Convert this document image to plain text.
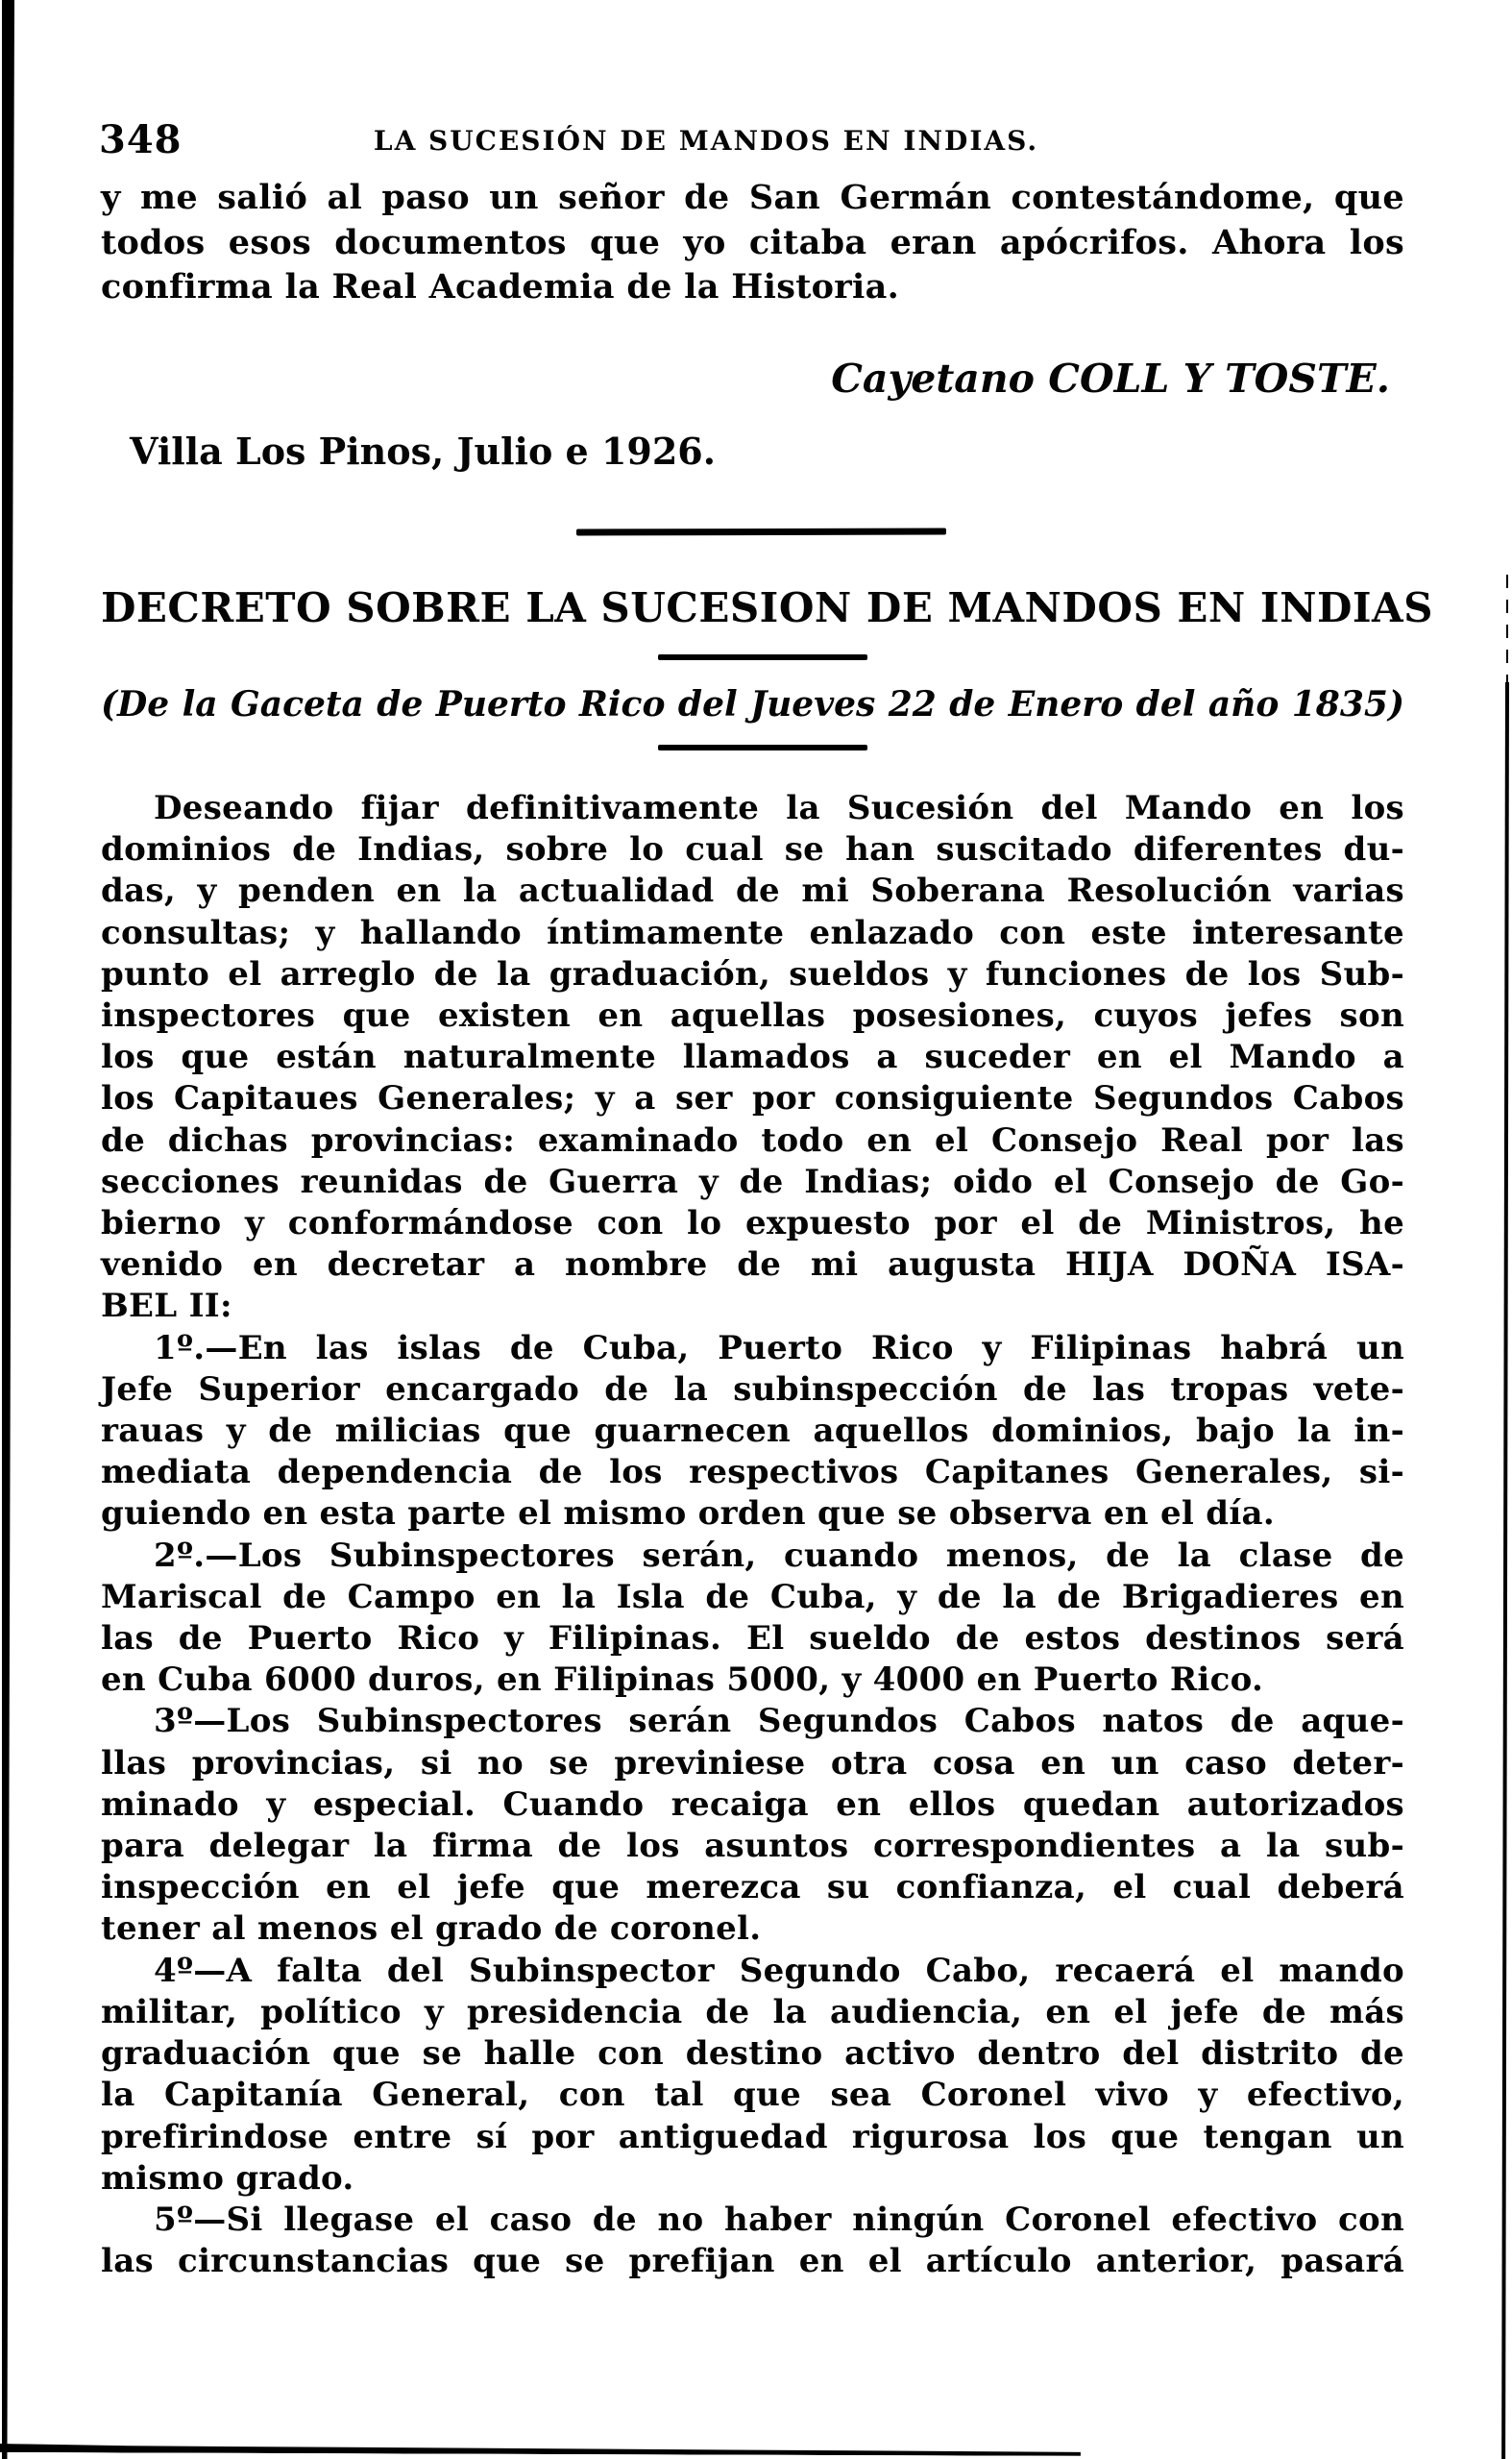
348	LA SUCESIÓN DE MANDOS EN INDIAS.
y me salió al paso un señor de San Germán contestándome, que
todos esos documentos que yo citaba eran apócrifos. Ahora los
confirma la Real Academia de la Historia.
Cayetano COLL Y TOSTE.
Villa Los Pinos, Julio e 1926.
DECRETO SOBRE LA SUCESION DE MANDOS EN INDIAS
(De la Gaceta de Puerto Rico del Jueves 22 de Enero del año 1835)
Deseando fijar definitivamente la Sucesión del Mando en los
dominios de Indias, sobre lo cual se han suscitado diferentes du-
das, y penden en la actualidad de mi Soberana Resolución varias
consultas; y hallando íntimamente enlazado con este interesante
punto el arreglo de la graduación, sueldos y funciones de los Sub-
inspectores que existen en aquellas posesiones, cuyos jefes son
los que están naturalmente llamados a suceder en el Mando a
los Capitaues Generales; y a ser por consiguiente Segundos Cabos
de dichas provincias: examinado todo en el Consejo Real por las
secciones reunidas de Guerra y de Indias; oido el Consejo de Go-
bierno y conformándose con lo expuesto por el de Ministros, he
venido en decretar a nombre de mi augusta HIJA DOÑA ISA-
BEL II:
1º.—En las islas de Cuba, Puerto Rico y Filipinas habrá un
Jefe Superior encargado de la subinspección de las tropas vete-
rauas y de milicias que guarnecen aquellos dominios, bajo la in-
mediata dependencia de los respectivos Capitanes Generales, si-
guiendo en esta parte el mismo orden que se observa en el día.
2º.—Los Subinspectores serán, cuando menos, de la clase de
Mariscal de Campo en la Isla de Cuba, y de la de Brigadieres en
las de Puerto Rico y Filipinas. El sueldo de estos destinos será
en Cuba 6000 duros, en Filipinas 5000, y 4000 en Puerto Rico.
3º—Los Subinspectores serán Segundos Cabos natos de aque-
llas provincias, si no se previniese otra cosa en un caso deter-
minado y especial. Cuando recaiga en ellos quedan autorizados
para delegar la firma de los asuntos correspondientes a la sub-
inspección en el jefe que merezca su confianza, el cual deberá
tener al menos el grado de coronel.
4º—A falta del Subinspector Segundo Cabo, recaerá el mando
militar, político y presidencia de la audiencia, en el jefe de más
graduación que se halle con destino activo dentro del distrito de
la Capitanía General, con tal que sea Coronel vivo y efectivo,
prefirindose entre sí por antiguedad rigurosa los que tengan un
mismo grado.
5º—Si llegase el caso de no haber ningún Coronel efectivo con
las circunstancias que se prefijan en el artículo anterior, pasará
